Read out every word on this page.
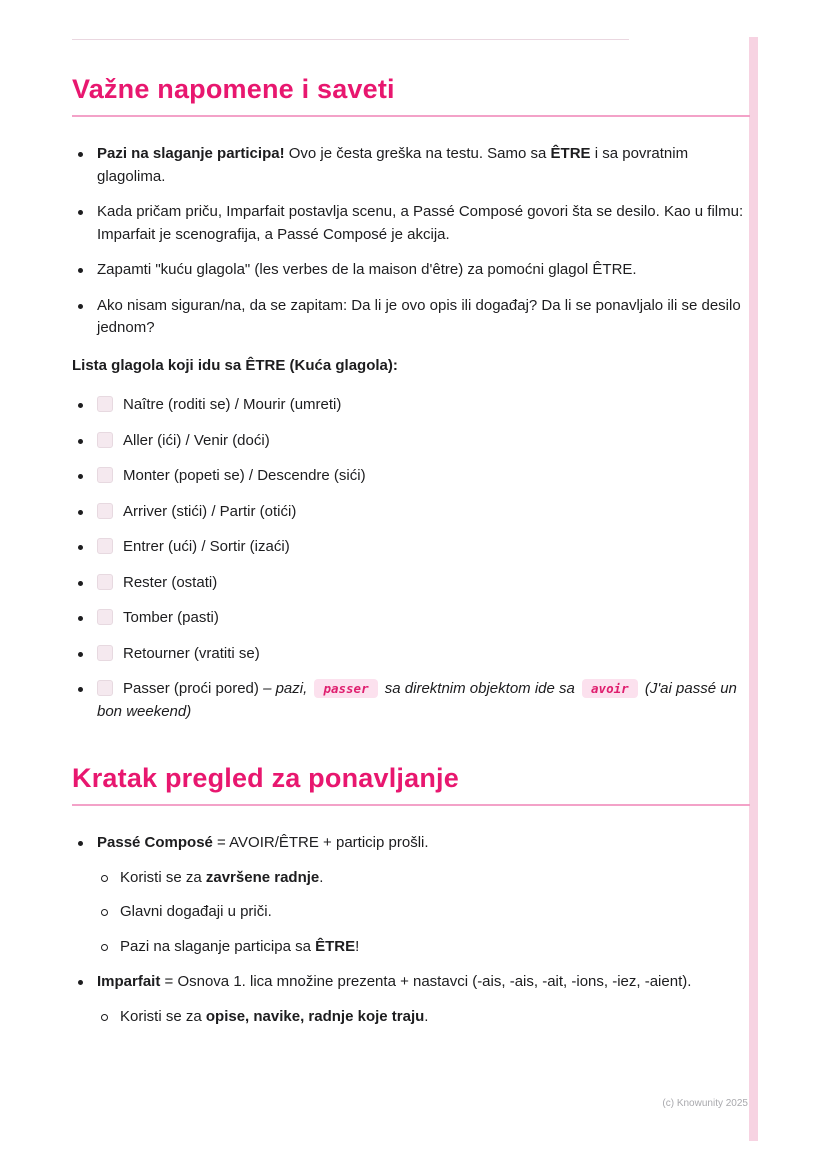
Važne napomene i saveti
Pazi na slaganje participa! Ovo je česta greška na testu. Samo sa ÊTRE i sa povratnim glagolima.
Kada pričam priču, Imparfait postavlja scenu, a Passé Composé govori šta se desilo. Kao u filmu: Imparfait je scenografija, a Passé Composé je akcija.
Zapamti "kuću glagola" (les verbes de la maison d'être) za pomoćni glagol ÊTRE.
Ako nisam siguran/na, da se zapitam: Da li je ovo opis ili događaj? Da li se ponavljalo ili se desilo jednom?

Lista glagola koji idu sa ÊTRE (Kuća glagola):

Naître (roditi se) / Mourir (umreti)
Aller (ići) / Venir (doći)
Monter (popeti se) / Descendre (sići)
Arriver (stići) / Partir (otići)
Entrer (ući) / Sortir (izaći)
Rester (ostati)
Tomber (pasti)
Retourner (vratiti se)
Passer (proći pored) – pazi, passer sa direktnim objektom ide sa avoir (J'ai passé un bon weekend)
Kratak pregled za ponavljanje
Passé Composé = AVOIR/ÊTRE + particip prošli.
Koristi se za završene radnje.
Glavni događaji u priči.
Pazi na slaganje participa sa ÊTRE!
Imparfait = Osnova 1. lica množine prezenta + nastavci (-ais, -ais, -ait, -ions, -iez, -aient).
Koristi se za opise, navike, radnje koje traju.
(c) Knowunity 2025
